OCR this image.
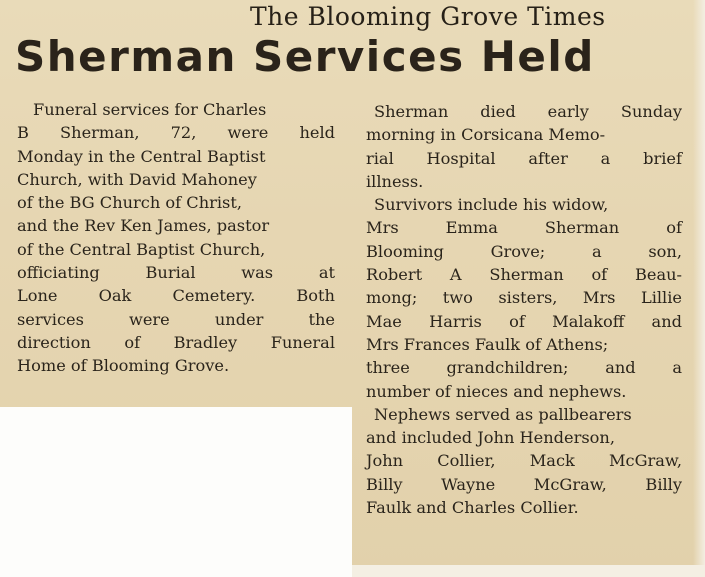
The Blooming Grove Times
Sherman Services Held
Funeral services for Charles
B Sherman, 72, were held
Monday in the Central Baptist
Church, with David Mahoney
of the BG Church of Christ,
and the Rev Ken James, pastor
of the Central Baptist Church,
officiating Burial was at
Lone Oak Cemetery. Both
services were under the
direction of Bradley Funeral
Home of Blooming Grove.
Sherman died early Sunday
morning in Corsicana Memo-
rial Hospital after a brief
illness.
Survivors include his widow,
Mrs Emma Sherman of
Blooming Grove; a son,
Robert A Sherman of Beau-
mong; two sisters, Mrs Lillie
Mae Harris of Malakoff and
Mrs Frances Faulk of Athens;
three grandchildren; and a
number of nieces and nephews.
Nephews served as pallbearers
and included John Henderson,
John Collier, Mack McGraw,
Billy Wayne McGraw, Billy
Faulk and Charles Collier.
